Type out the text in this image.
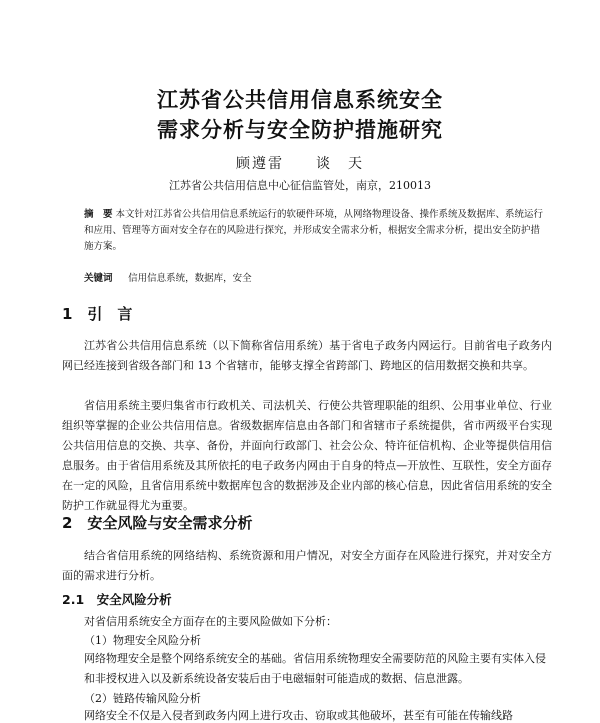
江苏省公共信用信息系统安全
需求分析与安全防护措施研究
顾遵雷　　谈　天
江苏省公共信用信息中心征信监管处，南京，210013
摘　要 本文针对江苏省公共信用信息系统运行的软硬件环境，从网络物理设备、操作系统及数据库、系统运行和应用、管理等方面对安全存在的风险进行探究，并形成安全需求分析，根据安全需求分析，提出安全防护措施方案。
关键词 　 信用信息系统，数据库，安全
1　引　言
江苏省公共信用信息系统（以下简称省信用系统）基于省电子政务内网运行。目前省电子政务内网已经连接到省级各部门和 13 个省辖市，能够支撑全省跨部门、跨地区的信用数据交换和共享。
省信用系统主要归集省市行政机关、司法机关、行使公共管理职能的组织、公用事业单位、行业组织等掌握的企业公共信用信息。省级数据库信息由各部门和省辖市子系统提供，省市两级平台实现公共信用信息的交换、共享、备份，并面向行政部门、社会公众、特许征信机构、企业等提供信用信息服务。由于省信用系统及其所依托的电子政务内网由于自身的特点—开放性、互联性，安全方面存在一定的风险，且省信用系统中数据库包含的数据涉及企业内部的核心信息，因此省信用系统的安全防护工作就显得尤为重要。
2　安全风险与安全需求分析
结合省信用系统的网络结构、系统资源和用户情况，对安全方面存在风险进行探究，并对安全方面的需求进行分析。
2.1　安全风险分析
对省信用系统安全方面存在的主要风险做如下分析：
（1）物理安全风险分析
网络物理安全是整个网络系统安全的基础。省信用系统物理安全需要防范的风险主要有实体入侵和非授权进入以及新系统设备安装后由于电磁辐射可能造成的数据、信息泄露。
（2）链路传输风险分析
网络安全不仅是入侵者到政务内网上进行攻击、窃取或其他破坏，甚至有可能在传输线路
